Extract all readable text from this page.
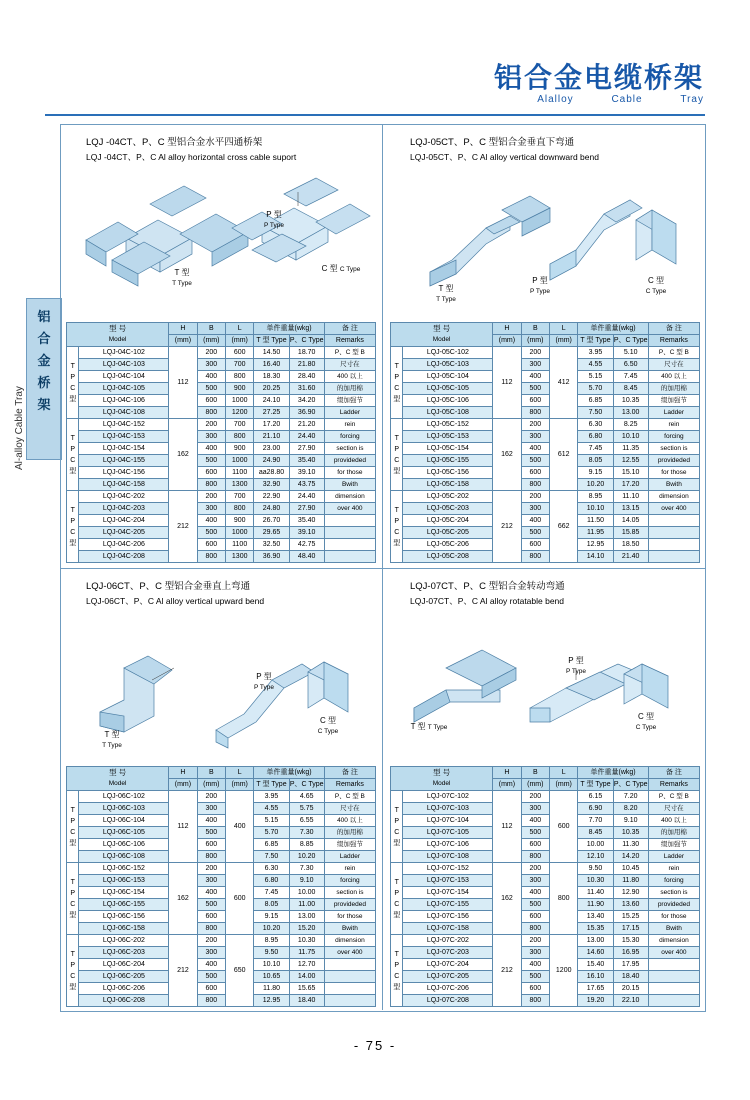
铝合金电缆桥架
Alalloy	Cable	Tray
铝
合
金
桥
架
Al-alloy Cable Tray
LQJ -04CT、P、C 型铝合金水平四通桥架
LQJ -04CT、P、C Al alloy horizontal cross cable suport
T 型
T Type
P 型
P Type
C 型 C Type
型 号
Model		H	B	L	单件重量(wkg)		备 注
		(mm)	(mm)	(mm)	T 型 Type	P、C Type	Remarks
T
P
C
型	LQJ-04C-102	112	200	600	14.50	18.70	P、C 型 B
	LQJ-04C-103		300	700	16.40	21.80	尺寸在
	LQJ-04C-104		400	800	18.30	28.40	400 以上
	LQJ-04C-105		500	900	20.25	31.60	的加用棉
	LQJ-04C-106		600	1000	24.10	34.20	缀加强节
	LQJ-04C-108		800	1200	27.25	36.90	Ladder
T
P
C
型	LQJ-04C-152	162	200	700	17.20	21.20	rein
	LQJ-04C-153		300	800	21.10	24.40	forcing
	LQJ-04C-154		400	900	23.00	27.90	section is
	LQJ-04C-155		500	1000	24.90	35.40	provideded
	LQJ-04C-156		600	1100	aa28.80	39.10	for those
	LQJ-04C-158		800	1300	32.90	43.75	Bwith
T
P
C
型	LQJ-04C-202	212	200	700	22.90	24.40	dimension
	LQJ-04C-203		300	800	24.80	27.90	over 400
	LQJ-04C-204		400	900	26.70	35.40	
	LQJ-04C-205		500	1000	29.65	39.10	
	LQJ-04C-206		600	1100	32.50	42.75	
	LQJ-04C-208		800	1300	36.90	48.40	
LQJ-05CT、P、C 型铝合金垂直下弯通
LQJ-05CT、P、C Al alloy vertical downward bend
T 型
T Type
P 型
P Type
C 型
C Type
型 号
Model		H	B	L	单件重量(wkg)		备 注
		(mm)	(mm)	(mm)	T 型 Type	P、C Type	Remarks
T
P
C
型	LQJ-05C-102	112	200	412	3.95	5.10	P、C 型 B
	LQJ-05C-103		300		4.55	6.50	尺寸在
	LQJ-05C-104		400		5.15	7.45	400 以上
	LQJ-05C-105		500		5.70	8.45	的加用棉
	LQJ-05C-106		600		6.85	10.35	缀加强节
	LQJ-05C-108		800		7.50	13.00	Ladder
T
P
C
型	LQJ-05C-152	162	200	612	6.30	8.25	rein
	LQJ-05C-153		300		6.80	10.10	forcing
	LQJ-05C-154		400		7.45	11.35	section is
	LQJ-05C-155		500		8.05	12.55	provideded
	LQJ-05C-156		600		9.15	15.10	for those
	LQJ-05C-158		800		10.20	17.20	Bwith
T
P
C
型	LQJ-05C-202	212	200	662	8.95	11.10	dimension
	LQJ-05C-203		300		10.10	13.15	over 400
	LQJ-05C-204		400		11.50	14.05	
	LQJ-05C-205		500		11.95	15.85	
	LQJ-05C-206		600		12.95	18.50	
	LQJ-05C-208		800		14.10	21.40	
LQJ-06CT、P、C 型铝合金垂直上弯通
LQJ-06CT、P、C Al alloy vertical upward bend
T 型
T Type
P 型
P Type
C 型
C Type
型 号
Model		H	B	L	单件重量(wkg)		备 注
		(mm)	(mm)	(mm)	T 型 Type	P、C Type	Remarks
T
P
C
型	LQJ-06C-102	112	200	400	3.95	4.65	P、C 型 B
	LQJ-06C-103		300		4.55	5.75	尺寸在
	LQJ-06C-104		400		5.15	6.55	400 以上
	LQJ-06C-105		500		5.70	7.30	的加用棉
	LQJ-06C-106		600		6.85	8.85	缀加强节
	LQJ-06C-108		800		7.50	10.20	Ladder
T
P
C
型	LQJ-06C-152	162	200	600	6.30	7.30	rein
	LQJ-06C-153		300		6.80	9.10	forcing
	LQJ-06C-154		400		7.45	10.00	section is
	LQJ-06C-155		500		8.05	11.00	provideded
	LQJ-06C-156		600		9.15	13.00	for those
	LQJ-06C-158		800		10.20	15.20	Bwith
T
P
C
型	LQJ-06C-202	212	200	650	8.95	10.30	dimension
	LQJ-06C-203		300		9.50	11.75	over 400
	LQJ-06C-204		400		10.10	12.70	
	LQJ-06C-205		500		10.65	14.00	
	LQJ-06C-206		600		11.80	15.65	
	LQJ-06C-208		800		12.95	18.40	
LQJ-07CT、P、C 型铝合金转动弯通
LQJ-07CT、P、C Al alloy rotatable bend
T 型 T Type
P 型
P Type
C 型
C Type
型 号
Model		H	B	L	单件重量(wkg)		备 注
		(mm)	(mm)	(mm)	T 型 Type	P、C Type	Remarks
T
P
C
型	LQJ-07C-102	112	200	600	6.15	7.20	P、C 型 B
	LQJ-07C-103		300		6.90	8.20	尺寸在
	LQJ-07C-104		400		7.70	9.10	400 以上
	LQJ-07C-105		500		8.45	10.35	的加用棉
	LQJ-07C-106		600		10.00	11.30	缀加强节
	LQJ-07C-108		800		12.10	14.20	Ladder
T
P
C
型	LQJ-07C-152	162	200	800	9.50	10.45	rein
	LQJ-07C-153		300		10.30	11.80	forcing
	LQJ-07C-154		400		11.40	12.90	section is
	LQJ-07C-155		500		11.90	13.60	provideded
	LQJ-07C-156		600		13.40	15.25	for those
	LQJ-07C-158		800		15.35	17.15	Bwith
T
P
C
型	LQJ-07C-202	212	200	1200	13.00	15.30	dimension
	LQJ-07C-203		300		14.60	16.95	over 400
	LQJ-07C-204		400		15.40	17.95	
	LQJ-07C-205		500		16.10	18.40	
	LQJ-07C-206		600		17.65	20.15	
	LQJ-07C-208		800		19.20	22.10	
- 75 -
